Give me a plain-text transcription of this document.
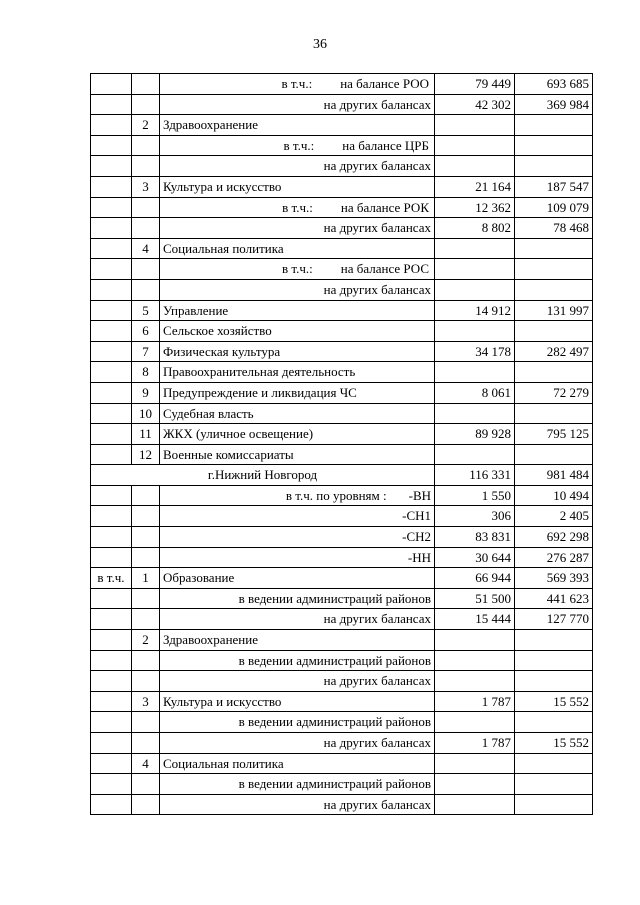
36

		в т.ч.: на балансе РОО	79 449	693 685

		на других балансах	42 302	369 984
	2	Здравоохранение		

		в т.ч.: на балансе ЦРБ		

		на других балансах		

	3	Культура и искусство	21 164	187 547

		в т.ч.: на балансе РОК	12 362	109 079

		на других балансах	8 802	78 468
	4	Социальная политика		

		в т.ч.: на балансе РОС		

		на других балансах		

	5	Управление	14 912	131 997
	6	Сельское хозяйство		
	7	Физическая культура	34 178	282 497
	8	Правоохранительная деятельность		
	9	Предупреждение и ликвидация ЧС	8 061	72 279
	10	Судебная власть		
	11	ЖКХ (уличное освещение)	89 928	795 125
	12	Военные комиссариаты		
г.Нижний Новгород			116 331	981 484

		в т.ч. по уровням : -ВН	1 550	10 494

		-СН1	306	2 405

		-СН2	83 831	692 298

		-НН	30 644	276 287
в т.ч.	1	Образование	66 944	569 393

		в ведении администраций районов	51 500	441 623

		на других балансах	15 444	127 770
	2	Здравоохранение		

		в ведении администраций районов		

		на других балансах		

	3	Культура и искусство	1 787	15 552

		в ведении администраций районов		

		на других балансах	1 787	15 552
	4	Социальная политика		

		в ведении администраций районов		

		на других балансах		
